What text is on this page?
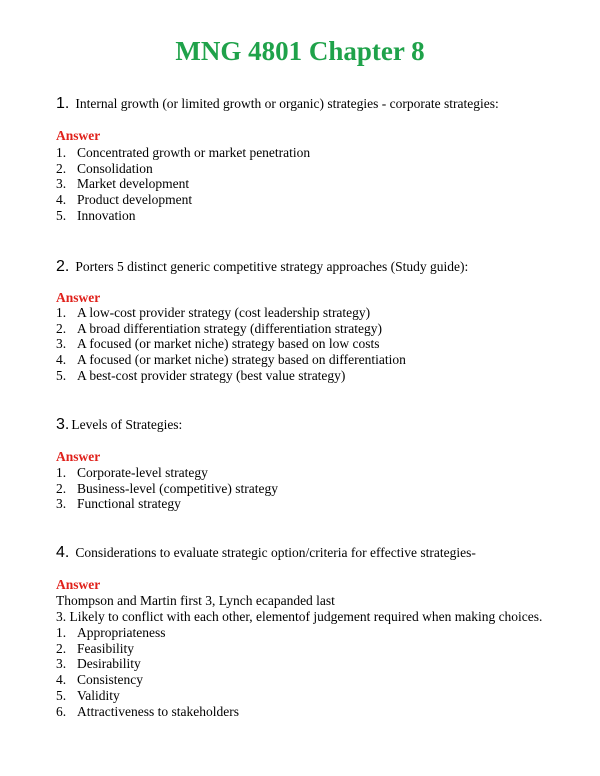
MNG 4801 Chapter 8
1. Internal growth (or limited growth or organic) strategies - corporate strategies:
Answer
1. Concentrated growth or market penetration
2. Consolidation
3. Market development
4. Product development
5. Innovation
2. Porters 5 distinct generic competitive strategy approaches (Study guide):
Answer
1. A low-cost provider strategy (cost leadership strategy)
2. A broad differentiation strategy (differentiation strategy)
3. A focused (or market niche) strategy based on low costs
4. A focused (or market niche) strategy based on differentiation
5. A best-cost provider strategy (best value strategy)
3. Levels of Strategies:
Answer
1. Corporate-level strategy
2. Business-level (competitive) strategy
3. Functional strategy
4. Considerations to evaluate strategic option/criteria for effective strategies-
Answer
Thompson and Martin first 3, Lynch ecapanded last
3. Likely to conflict with each other, elementof judgement required when making choices.
1. Appropriateness
2. Feasibility
3. Desirability
4. Consistency
5. Validity
6. Attractiveness to stakeholders
